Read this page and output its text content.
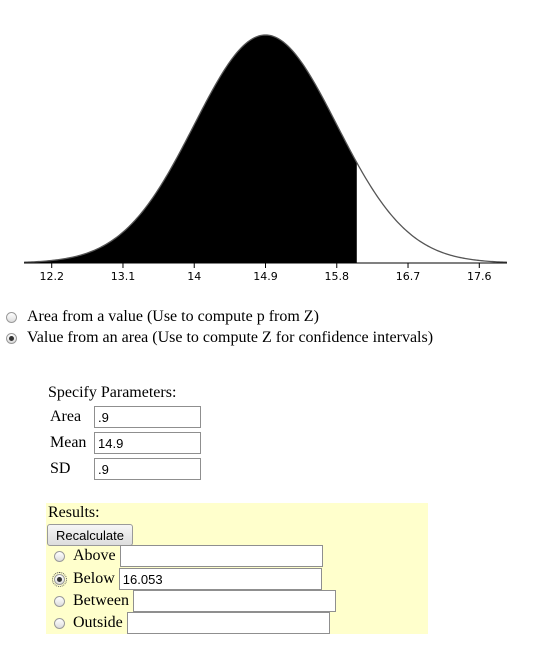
12.2	13.1	14	14.9	15.8	16.7	17.6
Area from a value (Use to compute p from Z)
Value from an area (Use to compute Z for confidence intervals)
Specify Parameters:
Area
.9
Mean
14.9
SD
.9
Results:
Recalculate
Above
Below
16.053
Between
Outside
